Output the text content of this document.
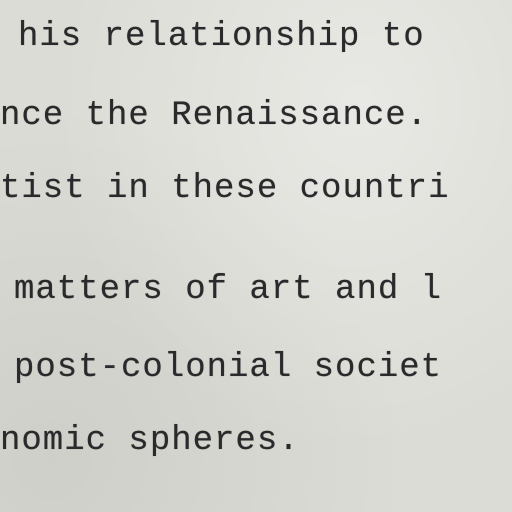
his relationship to
nce the Renaissance.
tist in these countri
matters of art and l
post-colonial societ
nomic spheres.
